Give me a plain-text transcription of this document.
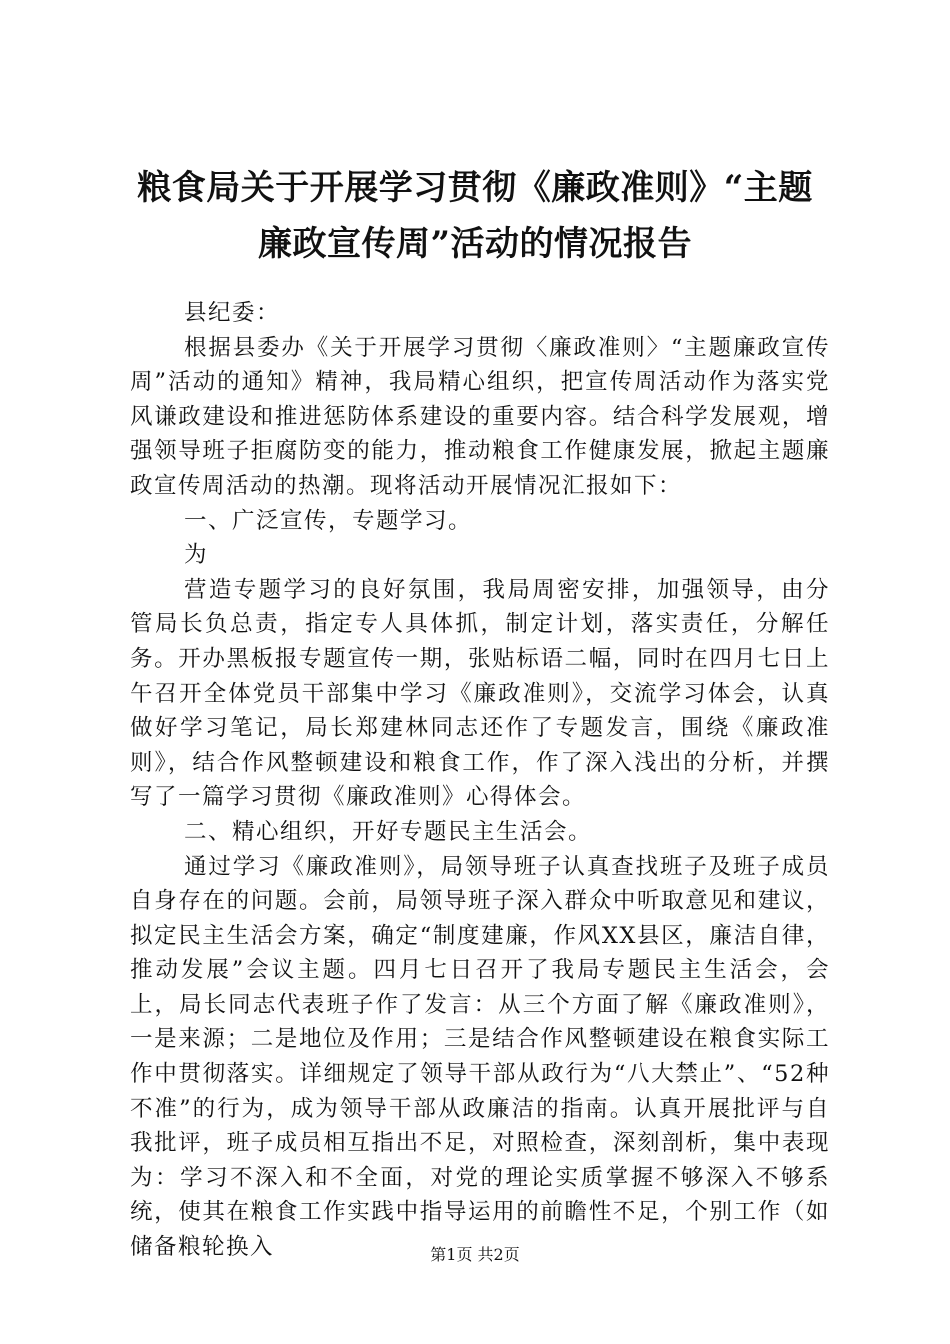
粮食局关于开展学习贯彻《廉政准则》“主题
廉政宣传周”活动的情况报告

县纪委：

根据县委办《关于开展学习贯彻〈廉政准则〉“主题廉政宣传周”活动的通知》精神，我局精心组织，把宣传周活动作为落实党风谦政建设和推进惩防体系建设的重要内容。结合科学发展观，增强领导班子拒腐防变的能力，推动粮食工作健康发展，掀起主题廉政宣传周活动的热潮。现将活动开展情况汇报如下：

一、广泛宣传，专题学习。

为

营造专题学习的良好氛围，我局周密安排，加强领导，由分管局长负总责，指定专人具体抓，制定计划，落实责任，分解任务。开办黑板报专题宣传一期，张贴标语二幅，同时在四月七日上午召开全体党员干部集中学习《廉政准则》，交流学习体会，认真做好学习笔记，局长郑建林同志还作了专题发言，围绕《廉政准则》，结合作风整顿建设和粮食工作，作了深入浅出的分析，并撰写了一篇学习贯彻《廉政准则》心得体会。

二、精心组织，开好专题民主生活会。

通过学习《廉政准则》，局领导班子认真查找班子及班子成员自身存在的问题。会前，局领导班子深入群众中听取意见和建议，拟定民主生活会方案，确定“制度建廉，作风XX县区，廉洁自律，推动发展”会议主题。四月七日召开了我局专题民主生活会，会上，局长同志代表班子作了发言：从三个方面了解《廉政准则》，一是来源；二是地位及作用；三是结合作风整顿建设在粮食实际工作中贯彻落实。详细规定了领导干部从政行为“八大禁止”、“52种不准”的行为，成为领导干部从政廉洁的指南。认真开展批评与自我批评，班子成员相互指出不足，对照检查，深刻剖析，集中表现为：学习不深入和不全面，对党的理论实质掌握不够深入不够系统，使其在粮食工作实践中指导运用的前瞻性不足，个别工作（如储备粮轮换入	第1页 共2页
